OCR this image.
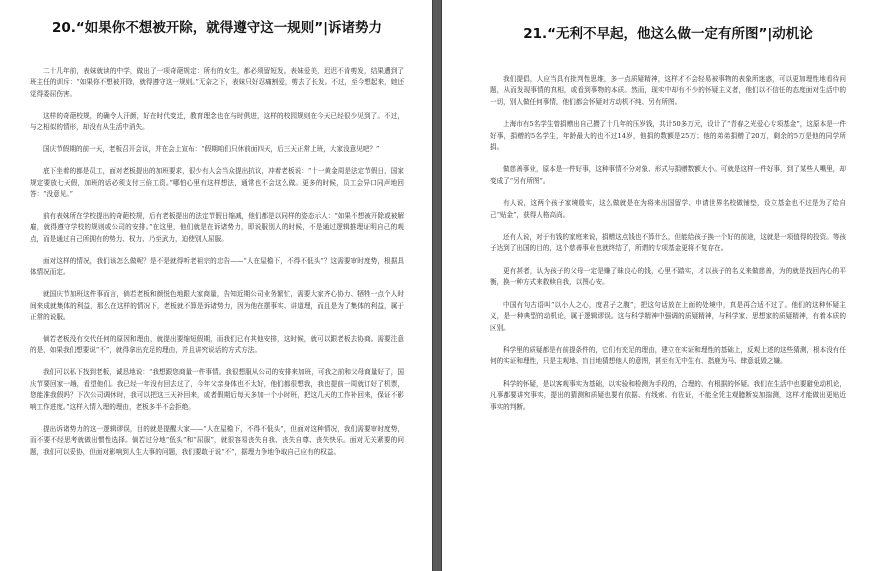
20.“如果你不想被开除，就得遵守这一规则”|诉诸势力

二十几年前，表妹就读的中学，做出了一项奇葩规定：所有的女生，都必须留短发。表妹爱美，迟迟不肯剪发，结果遭到了班主任的训斥：“如果你不想被开除，就得遵守这一规则。”无奈之下，表妹只好忍痛割爱，剪去了长发。不过，至今想起来，她还觉得委屈伤害。

这样的奇葩校规，的确令人汗颜，好在时代变迁，教育理念也在与时俱进，这样的校园规则在今天已经很少见到了。不过，与之相似的情形，却没有从生活中消失。

国庆节假期的前一天，老板召开会议，并在会上宣布：“假期咱们只休前面四天，后三天正常上班，大家没意见吧？”

底下坐着的都是员工，面对老板提出的加班要求，很少有人会当众提出抗议，冲着老板说：“十一黄金周是法定节假日，国家规定要放七天假，加班的话必须支付三倍工资。”哪怕心里有这样想法，通常也不会这么做。更多的时候，员工会异口同声地回答：“没意见。”

前有表妹所在学校提出的奇葩校规，后有老板提出的法定节假日缩减，他们都是以同样的姿态示人：“如果不想被开除或被解雇，就得遵守学校的规则或公司的安排。”在这里，他们就是在诉诸势力，即说服别人的时候，不是通过逻辑推理证明自己的观点，而是通过自己所拥有的势力、权力、乃至武力，迫使别人屈服。

面对这样的情况，我们该怎么做呢？是不是就得听老祖宗的忠告——“人在屋檐下，不得不低头”？这需要审时度势，根据具体情况而定。

就国庆节加班这件事而言，倘若老板和颜悦色地跟大家商量，告知近期公司业务繁忙，需要大家齐心协力、牺牲一点个人时间来成就集体的利益，那么在这样的情况下，老板就不算是诉诸势力，因为他在摆事实、讲道理，而且是为了集体的利益，属于正常的说服。

倘若老板没有交代任何的原因和理由，就提出要缩短假期，而我们已有其他安排，这时候，就可以跟老板去协商。需要注意的是，如果我们想要说“不”，就得拿出充足的理由，并且讲究说话的方式方法。

我们可以私下找到老板，诚恳地说：“我想跟您商量一件事情。我很想服从公司的安排来加班，可我之前和父母商量好了，国庆节要回家一趟，看望他们。我已经一年没有回去过了，今年父亲身体也不太好，他们都很想我，我也提前一周就订好了机票，您能准我假吗？下次公司调休时，我可以把这三天补回来，或者假期后每天多加一个小时班，把这几天的工作补回来，保证不影响工作进度。”这样入情入理的理由，老板多半不会拒绝。

提出诉诸势力的这一逻辑谬误，目的就是提醒大家——“人在屋檐下，不得不低头”，但面对这种情况，我们需要审时度势，而不要不经思考就做出惯性选择。倘若过分地“低头”和“屈服”，就很容易丧失自我、丧失自尊、丧失快乐。面对无关紧要的问题，我们可以妥协，但面对影响到人生大事的问题，我们要敢于说“不”，据理力争地争取自己应有的权益。

21.“无利不早起，他这么做一定有所图”|动机论

我们提倡，人应当具有批判性思维，多一点质疑精神，这样才不会轻易被事物的表象所迷惑，可以更加理性地看待问题，从而发现事情的真相，或看到事物的本质。然而，现实中却有不少的怀疑主义者，他们以不信任的态度面对生活中的一切，别人做任何事情，他们都会怀疑对方动机不纯、另有所图。

上海市有5名学生曾捐赠出自己攒了十几年的压岁钱，共计50多万元，设计了“青春之光爱心专项基金”，这原本是一件好事，捐赠的5名学生，年龄最大的也不过14岁，他捐的数额是25万；他的弟弟捐赠了20万，剩余的5万是他的同学所捐。

做慈善事业，原本是一件好事，这种事情不分对象、形式与捐赠数额大小。可就是这样一件好事，到了某些人嘴里，却变成了“另有所图”。

有人说，这两个孩子家境殷实，这么做就是在为将来出国留学、申请世界名校做铺垫，设立基金也不过是为了给自己“贴金”，获得人格高尚。

还有人说，对于有钱的家庭来说，捐赠这点钱也不算什么，但能给孩子换一个好的前途，这就是一项值得的投资。等孩子达到了出国的目的，这个慈善事业也就终结了，所谓的专项基金更将不复存在。

更有甚者，认为孩子的父母一定是赚了昧良心的钱，心里不踏实，才以孩子的名义来做慈善，为的就是找回内心的平衡，换一种方式来救赎自我，以图心安。

中国有句古语叫“以小人之心，度君子之腹”，把这句话放在上面的处境中，真是再合适不过了。他们的这种怀疑主义，是一种典型的动机论，属于逻辑谬误。这与科学精神中强调的质疑精神，与科学家、思想家的质疑精神，有着本质的区别。

科学里的质疑都是有前提条件的，它们有充足的理由，建立在实证和理性的基础上，反观上述的这些猜测，根本没有任何的实证和理性，只是主观地、盲目地猜想他人的意图，甚至有无中生有、指鹿为马、肆意诋毁之嫌。

科学的怀疑，是以客观事实为基础，以实验和检测为手段的，合理的、有根据的怀疑。我们在生活中也要避免动机论，凡事都要讲究事实，提出的猜测和质疑也要有依据、有线索、有佐证，不能全凭主观臆断妄加揣测，这样才能做出更贴近事实的判断。
